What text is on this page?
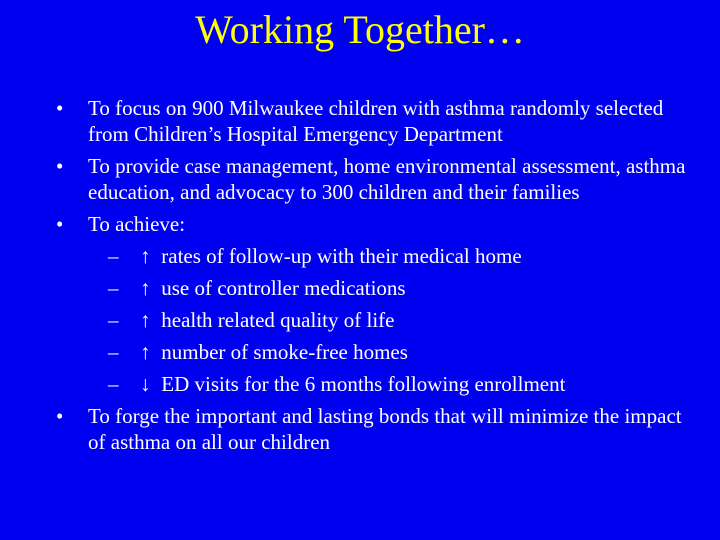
Working Together…
• To focus on 900 Milwaukee children with asthma randomly selected from Children’s Hospital Emergency Department
• To provide case management, home environmental assessment, asthma education, and advocacy to 300 children and their families
• To achieve:
– ↑ rates of follow-up with their medical home
– ↑ use of controller medications
– ↑ health related quality of life
– ↑ number of smoke-free homes
– ↓ ED visits for the 6 months following enrollment
• To forge the important and lasting bonds that will minimize the impact of asthma on all our children
